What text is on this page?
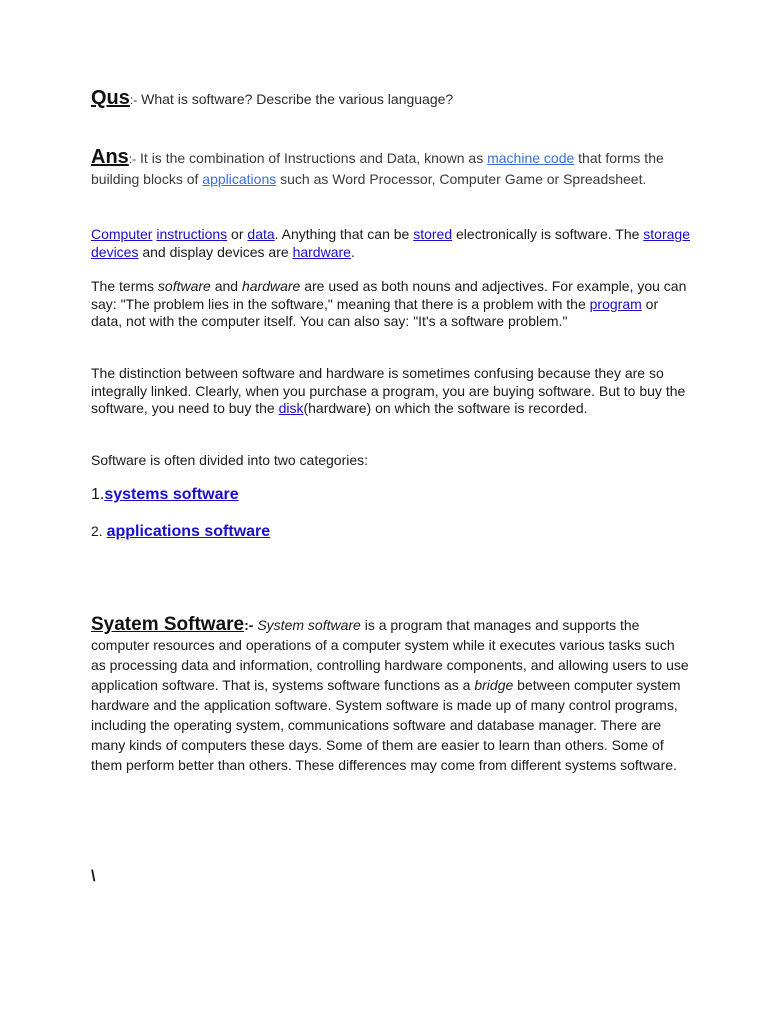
Qus:- What is software? Describe the various language?
Ans:- It is the combination of Instructions and Data, known as machine code that forms the building blocks of applications such as Word Processor, Computer Game or Spreadsheet.
Computer instructions or data. Anything that can be stored electronically is software. The storage devices and display devices are hardware.
The terms software and hardware are used as both nouns and adjectives. For example, you can say: "The problem lies in the software," meaning that there is a problem with the program or data, not with the computer itself. You can also say: "It's a software problem."
The distinction between software and hardware is sometimes confusing because they are so integrally linked. Clearly, when you purchase a program, you are buying software. But to buy the software, you need to buy the disk(hardware) on which the software is recorded.
Software is often divided into two categories:
1.systems software
2. applications software
Syatem Software:- System software is a program that manages and supports the computer resources and operations of a computer system while it executes various tasks such as processing data and information, controlling hardware components, and allowing users to use application software. That is, systems software functions as a bridge between computer system hardware and the application software. System software is made up of many control programs, including the operating system, communications software and database manager. There are many kinds of computers these days. Some of them are easier to learn than others. Some of them perform better than others. These differences may come from different systems software.
\
